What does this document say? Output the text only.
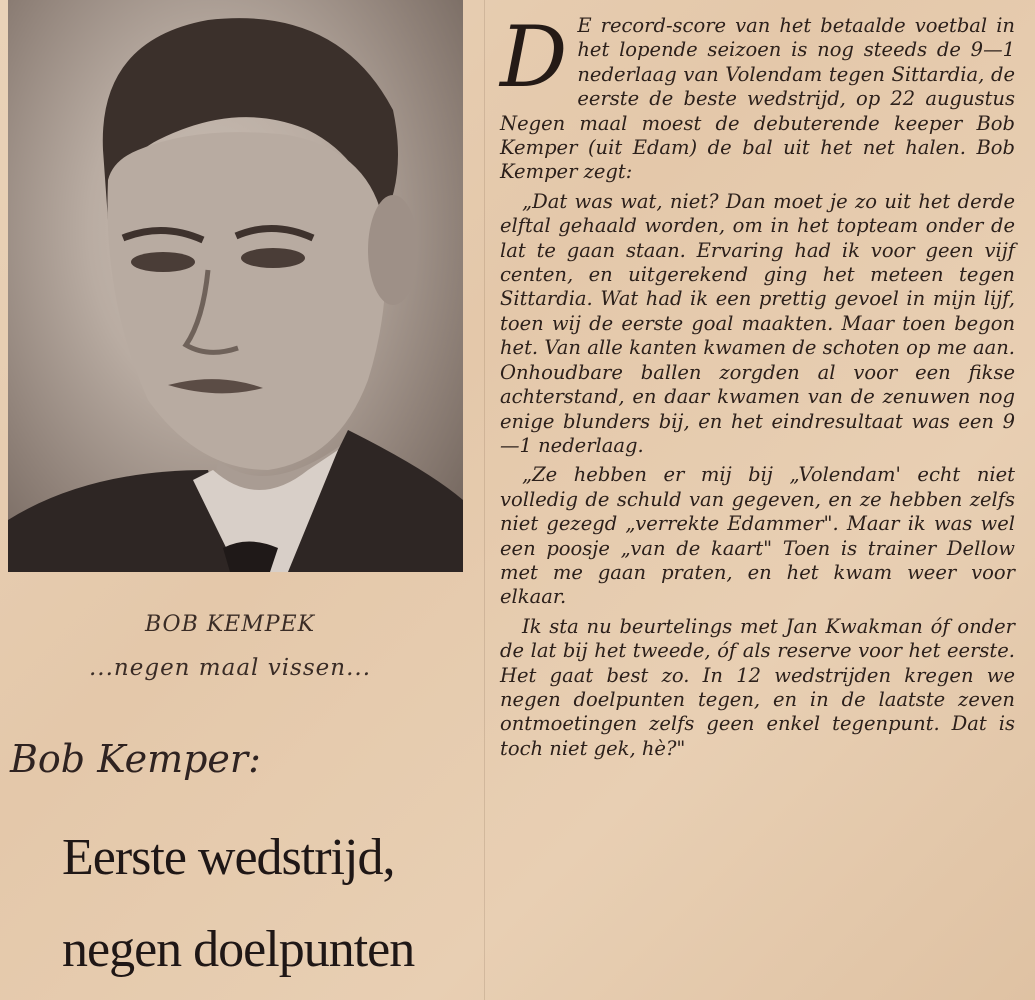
BOB KEMPEK
...negen maal vissen...
Bob Kemper:
Eerste wedstrijd,
negen doelpunten

D E record-score van het betaalde voetbal in het lopende seizoen is nog steeds de 9—1 nederlaag van Volendam tegen Sittardia, de eerste de beste wedstrijd, op 22 augustus Negen maal moest de debuterende keeper Bob Kemper (uit Edam) de bal uit het net halen. Bob Kemper zegt:

„Dat was wat, niet? Dan moet je zo uit het derde elftal gehaald worden, om in het topteam onder de lat te gaan staan. Ervaring had ik voor geen vijf centen, en uitgerekend ging het meteen tegen Sittardia. Wat had ik een prettig gevoel in mijn lijf, toen wij de eerste goal maakten. Maar toen begon het. Van alle kanten kwamen de schoten op me aan. Onhoudbare ballen zorgden al voor een fikse achterstand, en daar kwamen van de zenuwen nog enige blunders bij, en het eindresultaat was een 9—1 nederlaag.

„Ze hebben er mij bij „Volendam' echt niet volledig de schuld van gegeven, en ze hebben zelfs niet gezegd „verrekte Edammer". Maar ik was wel een poosje „van de kaart" Toen is trainer Dellow met me gaan praten, en het kwam weer voor elkaar.

Ik sta nu beurtelings met Jan Kwakman óf onder de lat bij het tweede, óf als reserve voor het eerste. Het gaat best zo. In 12 wedstrijden kregen we negen doelpunten tegen, en in de laatste zeven ontmoetingen zelfs geen enkel tegenpunt. Dat is toch niet gek, hè?"
